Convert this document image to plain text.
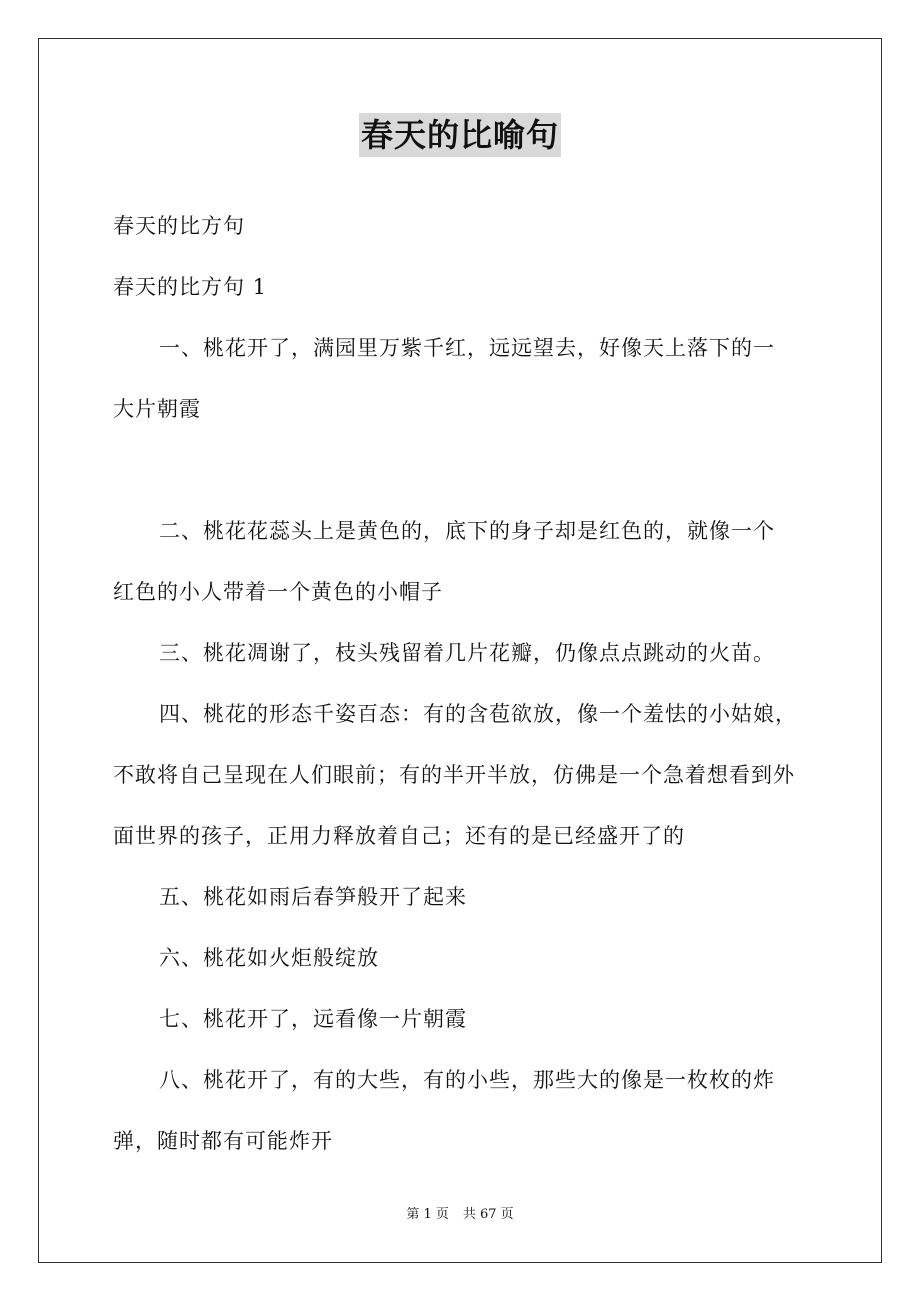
春天的比喻句
春天的比方句
春天的比方句 1
一、桃花开了，满园里万紫千红，远远望去，好像天上落下的一
大片朝霞
二、桃花花蕊头上是黄色的，底下的身子却是红色的，就像一个
红色的小人带着一个黄色的小帽子
三、桃花凋谢了，枝头残留着几片花瓣，仍像点点跳动的火苗。
四、桃花的形态千姿百态：有的含苞欲放，像一个羞怯的小姑娘，
不敢将自己呈现在人们眼前；有的半开半放，仿佛是一个急着想看到外
面世界的孩子，正用力释放着自己；还有的是已经盛开了的
五、桃花如雨后春笋般开了起来
六、桃花如火炬般绽放
七、桃花开了，远看像一片朝霞
八、桃花开了，有的大些，有的小些，那些大的像是一枚枚的炸
弹，随时都有可能炸开
第 1 页 共 67 页
